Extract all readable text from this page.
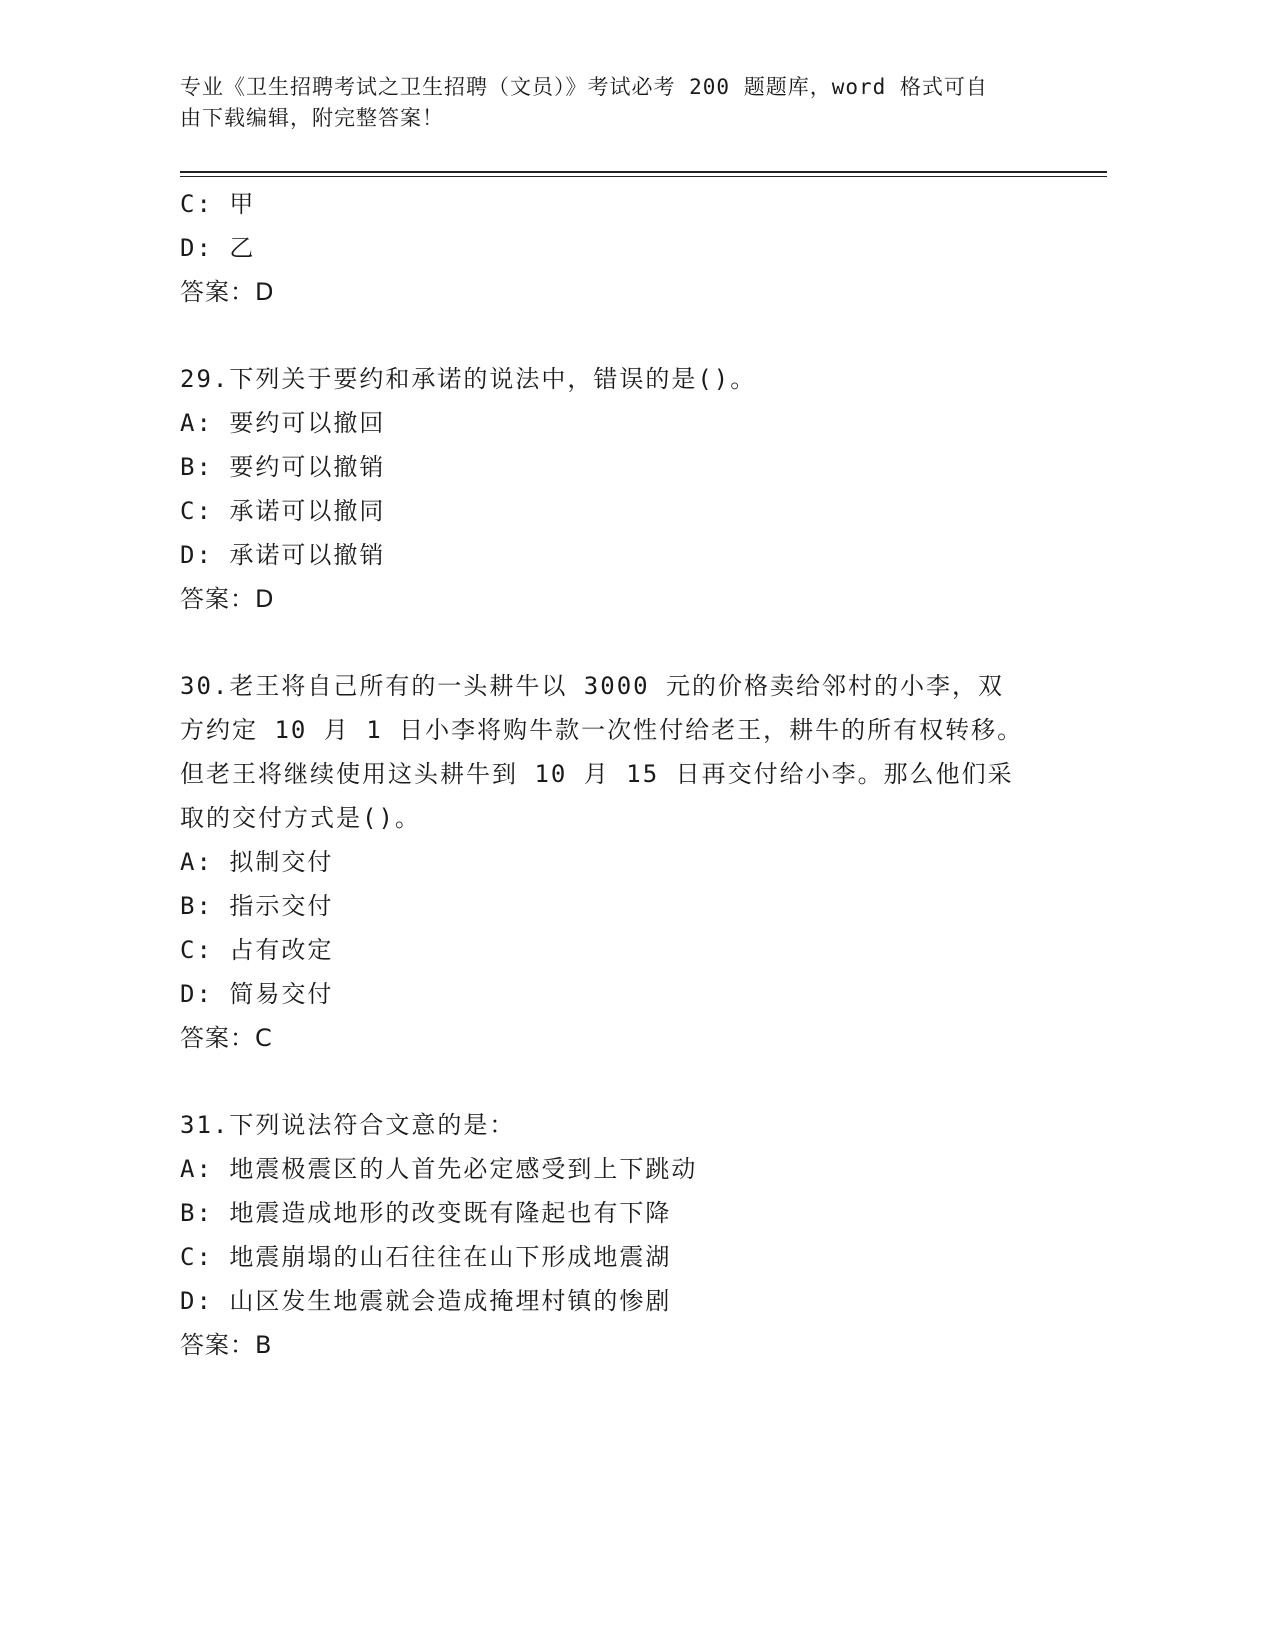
专业《卫生招聘考试之卫生招聘（文员）》考试必考 200 题题库，word 格式可自
由下载编辑，附完整答案！
C: 甲
D: 乙
答案：D
29.下列关于要约和承诺的说法中，错误的是()。
A: 要约可以撤回
B: 要约可以撤销
C: 承诺可以撤同
D: 承诺可以撤销
答案：D
30.老王将自己所有的一头耕牛以 3000 元的价格卖给邻村的小李，双
方约定 10 月 1 日小李将购牛款一次性付给老王，耕牛的所有权转移。
但老王将继续使用这头耕牛到 10 月 15 日再交付给小李。那么他们采
取的交付方式是()。
A: 拟制交付
B: 指示交付
C: 占有改定
D: 简易交付
答案：C
31.下列说法符合文意的是：
A: 地震极震区的人首先必定感受到上下跳动
B: 地震造成地形的改变既有隆起也有下降
C: 地震崩塌的山石往往在山下形成地震湖
D: 山区发生地震就会造成掩埋村镇的惨剧
答案：B
